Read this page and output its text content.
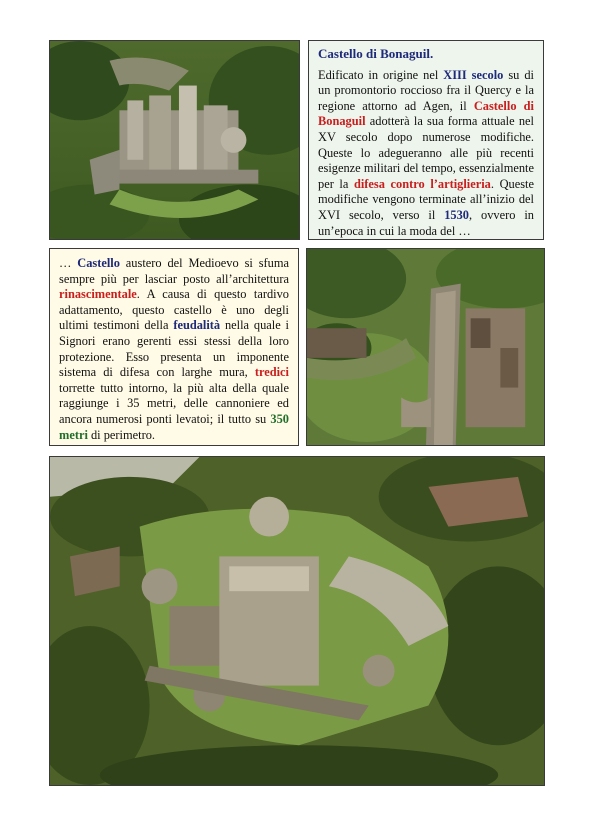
Castello di Bonaguil.
Edificato in origine nel XIII secolo su di un promontorio roccioso fra il Quercy e la regione attorno ad Agen, il Castello di Bonaguil adotterà la sua forma attuale nel XV secolo dopo numerose modifiche. Queste lo adegueranno alle più recenti esigenze militari del tempo, essenzialmente per la difesa contro l’artiglieria. Queste modifiche vengono terminate all’inizio del XVI secolo, verso il 1530, ovvero in un’epoca in cui la moda del …
… Castello austero del Medioevo si sfuma sempre più per lasciar posto all’architettura rinascimentale. A causa di questo tardivo adattamento, questo castello è uno degli ultimi testimoni della feudalità nella quale i Signori erano gerenti essi stessi della loro protezione. Esso presenta un imponente sistema di difesa con larghe mura, tredici torrette tutto intorno, la più alta della quale raggiunge i 35 metri, delle cannoniere ed ancora numerosi ponti levatoi; il tutto su 350 metri di perimetro.
